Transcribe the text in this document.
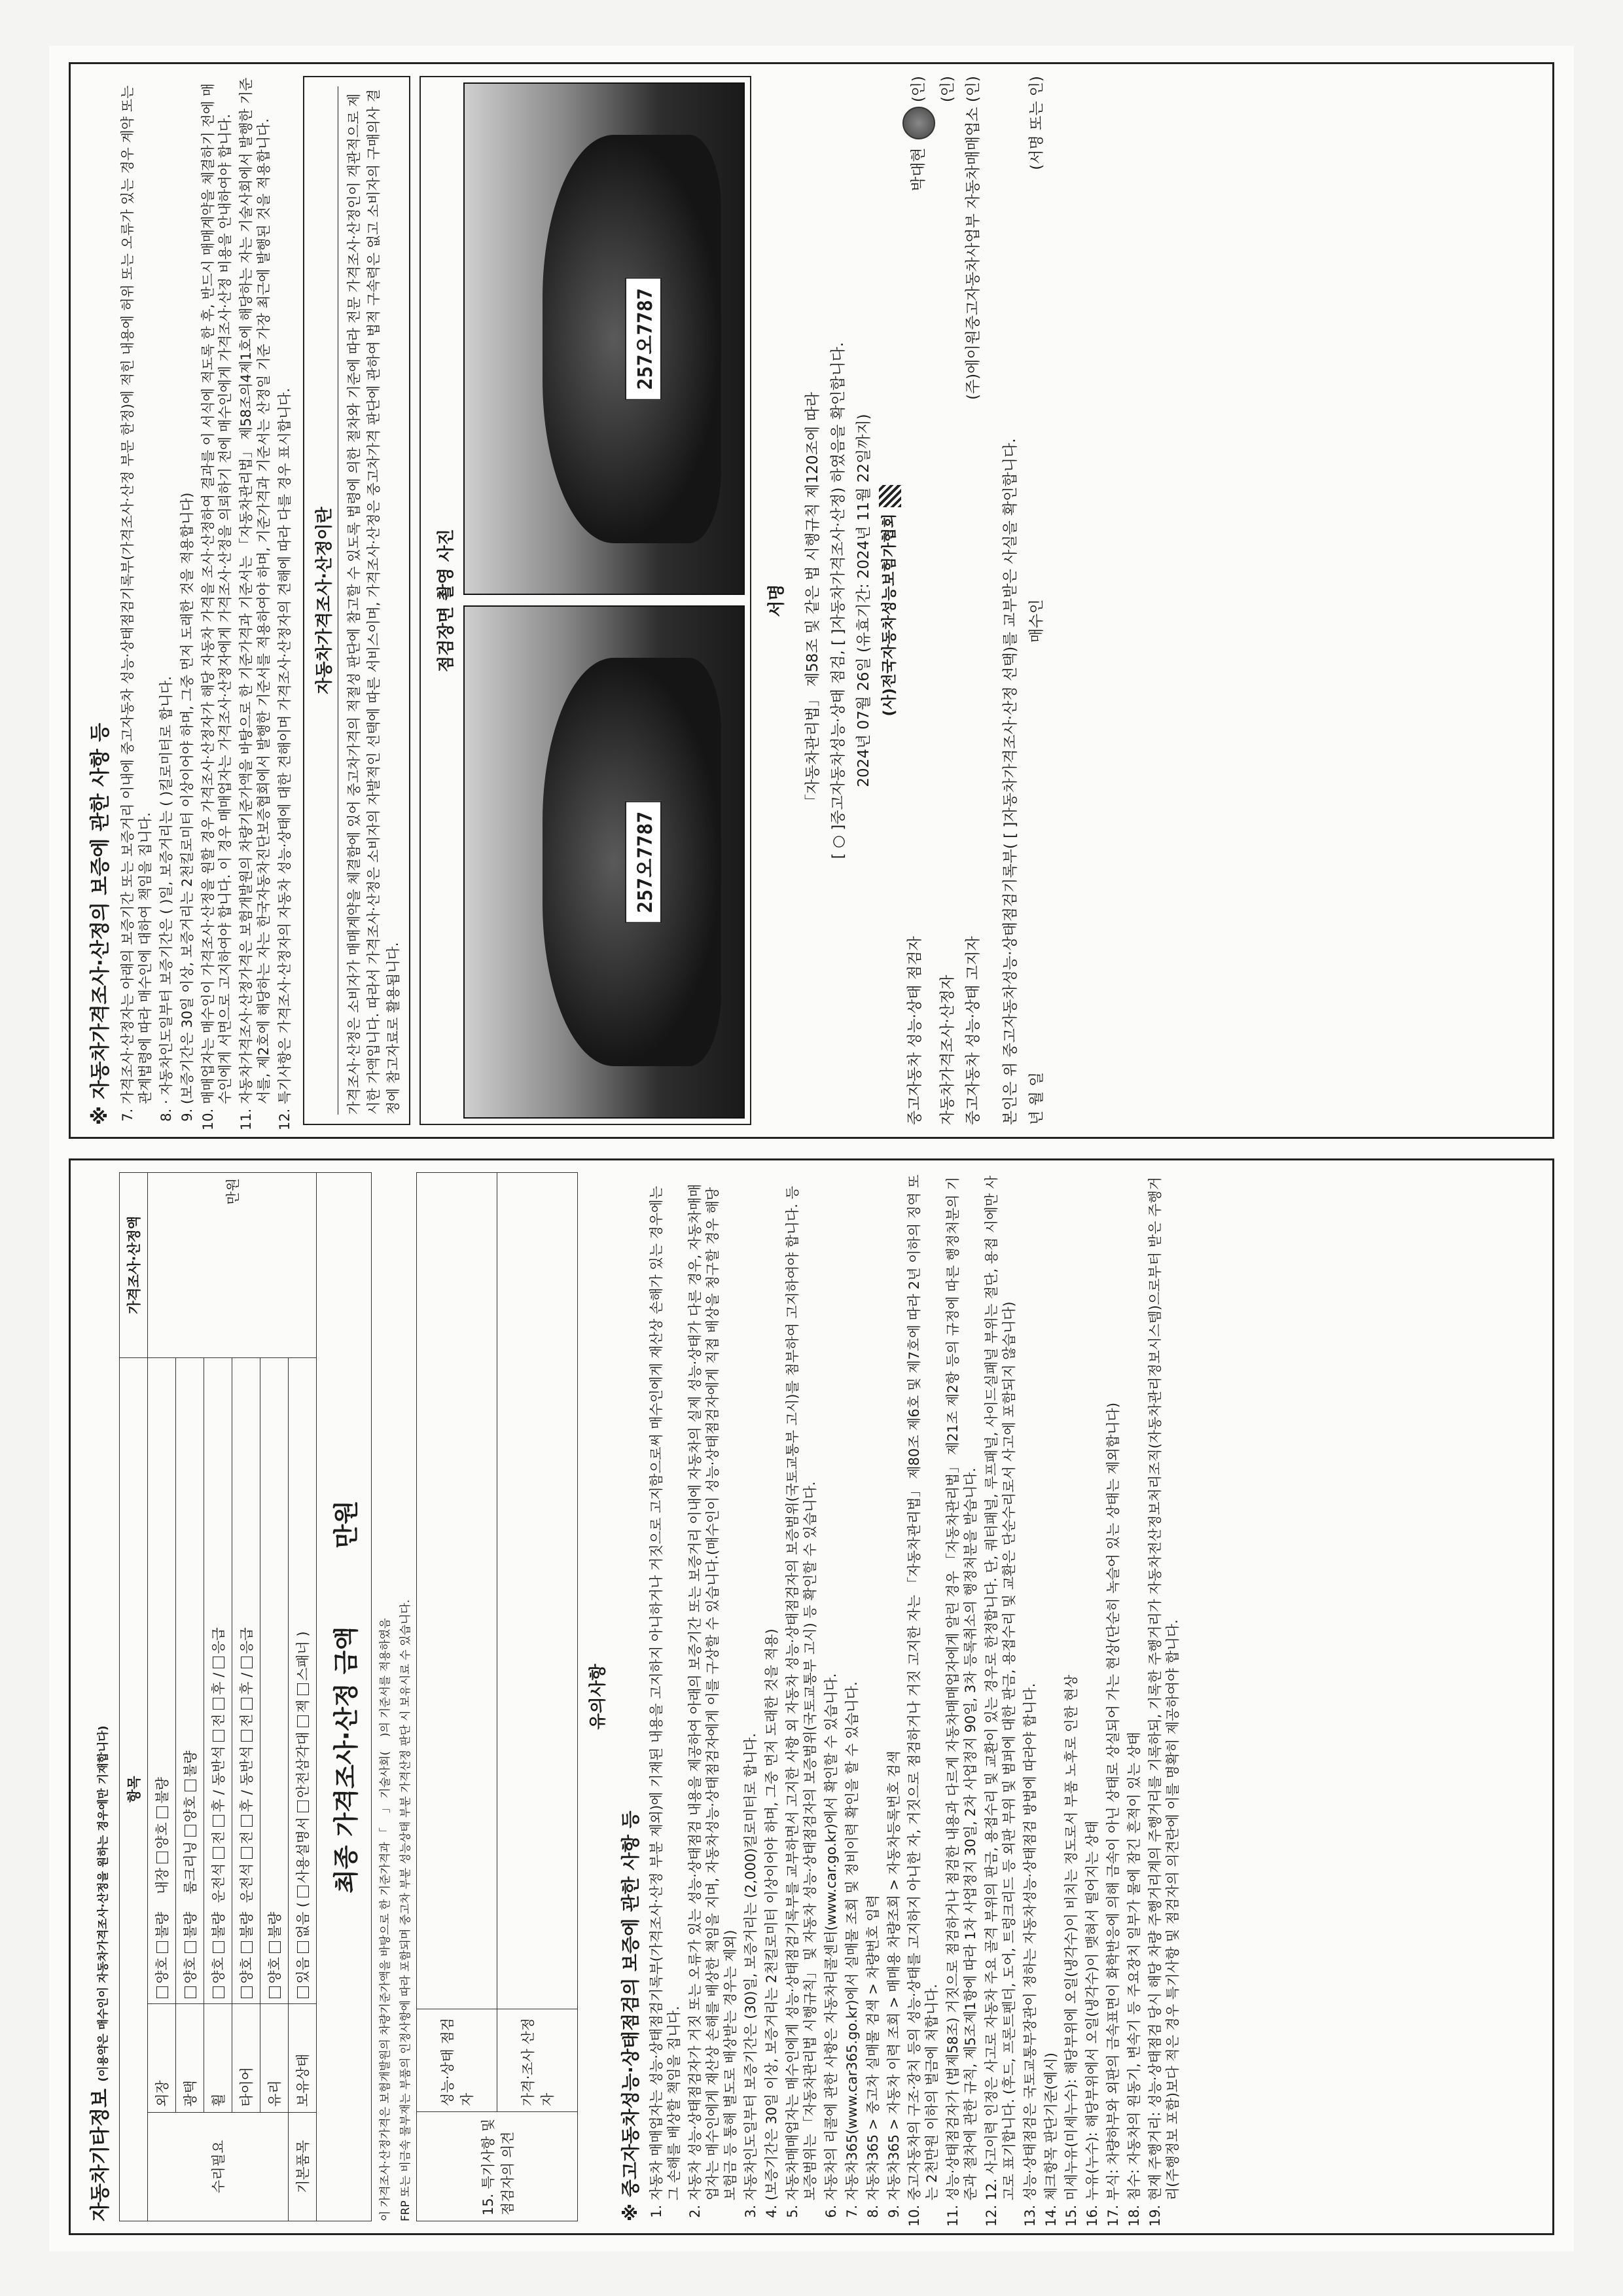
자동차기타정보 (이용약은 매수인이 자동차가격조사·산정을 원하는 경우에만 기재합니다) 항목			가격조사·산정액
수리필요	외장	양호 불량    내장 양호 불량	만원
	광택	양호 불량    룸크리닝 양호 불량	
	휠	양호 불량  운전석 전 후 / 동반석 전 후 / 응급	
	타이어	양호 불량  운전석 전 후 / 동반석 전 후 / 응급	
	유리	양호 불량	
기본품목	보유상태	있음 없음 ( 사용설명서 안전삼각대 잭 스패너 )	
최종 가격조사·산정 금액         만원			
이 가격조사·산정가격은 보험개발원의 차량기준가액을 바탕으로 한 기준가격과 「    」 기술사회(    )의 기준서를 적용하였음 FRP 또는 비금속 물부재는 부품의 인정사항에 따라 포함되며 중고차 부분 성능상태 부분 가격산정 판단 시 보유시료 수 있습니다.	15. 특기사항 및 점검자의 의견	성능·상태 점검자	
	가격·조사 산정자	
유의사항
※ 중고자동차성능·상태점검의 보증에 관한 사항 등 1. 자동차 매매업자는 성능·상태점검기록부(가격조사·산정 부분 제외)에 기재된 내용을 고지하지 아니하거나 거짓으로 고지함으로써 매수인에게 재산상 손해가 있는 경우에는 그 손해를 배상할 책임을 집니다. 2. 자동차 성능·상태점검자가 거짓 또는 오류가 있는 성능·상태점검 내용을 제공하여 아래의 보증기간 또는 보증거리 이내에 자동차의 실제 성능·상태가 다른 경우, 자동차매매업자는 매수인에게 재산상 손해를 배상한 책임을 지며, 자동차성능·상태점검자에게 이를 구상할 수 있습니다.(매수인이 성능·상태점검자에게 직접 배상을 청구할 경우 해당 보험금 등 통해 별도로 배상받는 경우는 제외) 3. 자동차인도일부터 보증기간은 (30)일, 보증거리는 (2,000)킬로미터로 합니다. 4. (보증기간은 30일 이상, 보증거리는 2천킬로미터 이상이어야 하며, 그중 먼저 도래한 것을 적용) 5. 자동차매매업자는 매수인에게 성능·상태점검기록부를 교부하면서 고지한 사항 외 자동차 성능·상태점검자의 보증범위(국토교통부 고시)를 첨부하여 고지하여야 합니다. 등 보증범위는 「자동차관리법 시행규칙」 및 자동차 성능·상태점검자의 보증범위(국토교통부 고시) 등 확인할 수 있습니다. 6. 자동차의 리콜에 관한 사항은 자동차리콜센터(www.car.go.kr)에서 확인할 수 있습니다. 7. 자동차365(www.car365.go.kr)에서 실매물 조회 및 정비이력 확인을 할 수 있습니다. 8. 자동차365 > 중고차 실매물 검색 > 차량번호 입력 9. 자동차365 > 자동차 이력 조회 > 매매용 차량조회 > 자동차등록번호 검색 10. 중고자동차의 구조·장치 등의 성능·상태를 고지하지 아니한 자, 거짓으로 점검하거나 거짓 고지한 자는 「자동차관리법」 제80조 제6호 및 제7호에 따라 2년 이하의 징역 또는 2천만원 이하의 벌금에 처합니다. 11. 성능·상태점검자가 (법제58조) 거짓으로 점검하거나 점검한 내용과 다르게 자동차매매업자에게 알린 경우 「자동차관리법」 제21조 제2항 등의 규정에 따른 행정처분의 기준과 절차에 관한 규칙, 제5조제1항에 따라 1차 사업정지 30일, 2차 사업정지 90일, 3차 등록취소의 행정처분을 받습니다. 12. 12. 사고이력 인정은 사고로 자동차 주요 골격 부위의 판금, 용접수리 및 교환이 있는 경우로 한정합니다. 단, 쿼터패널, 루프패널, 사이드실패널 부위는 절단, 용접 시에만 사고로 표기합니다. (후드, 프론트펜더, 도어, 트렁크리드 등 외판 부위 및 범퍼에 대한 판금, 용접수리 및 교환은 단순수리로서 사고에 포함되지 않습니다) 13. 성능·상태점검은 국토교통부장관이 정하는 자동차성능·상태점검 방법에 따라야 합니다. 14. 체크항목 판단기준(예시) 15. 미세누유(미세누수): 해당부위에 오일(냉각수)이 비치는 정도로서 부품 노후로 인한 현상 16. 누유(누수): 해당부위에서 오일(냉각수)이 맺혀서 떨어지는 상태 17. 부식: 차량하부와 외판의 금속표면이 화학반응에 의해 금속이 아닌 상태로 상실되어 가는 현상(단순히 녹슬어 있는 상태는 제외합니다) 18. 침수: 자동차의 원동기, 변속기 등 주요장치 일부가 물에 잠긴 흔적이 있는 상태 19. 현재 주행거리: 성능·상태점검 당시 해당 차량 주행거리계의 주행거리를 기록하되, 기록한 주행거리가 자동차전산정보처리조직(자동차관리정보시스템)으로부터 받은 주행거리(주행정보 포함)보다 적은 경우 특기사항 및 점검자의 의견란에 이를 명확히 제공하여야 합니다.
※ 자동차가격조사·산정의 보증에 관한 사항 등 7. 가격조사·산정자는 아래의 보증기간 또는 보증거리 이내에 중고자동차 성능·상태점검기록부(가격조사·산정 부문 한정)에 적힌 내용에 허위 또는 오류가 있는 경우 계약 또는 관계법령에 따라 매수인에 대하여 책임을 집니다. 8. · 자동차인도일부터 보증기간은 ( )일, 보증거리는 ( )킬로미터로 합니다. 9. (보증기간은 30일 이상, 보증거리는 2천킬로미터 이상이어야 하며, 그중 먼저 도래한 것을 적용합니다) 10. 매매업자는 매수인이 가격조사·산정을 원할 경우 가격조사·산정자가 해당 자동차 가격을 조사·산정하여 결과를 이 서식에 적도록 한 후, 반드시 매매계약을 체결하기 전에 매수인에게 서면으로 고지하여야 합니다. 이 경우 매매업자는 가격조사·산정자에게 가격조사·산정을 의뢰하기 전에 매수인에게 가격조사·산정 비용을 안내하여야 합니다. 11. 자동차가격조사·산정가격은 보험개발원의 차량기준가액을 바탕으로 한 기준가격과 기준서는 「자동차관리법」 제58조의4제1호에 해당하는 자는 기술사회에서 발행한 기준서를, 제2호에 해당하는 자는 한국자동차진단보증협회에서 발행한 기준서를 적용하여야 하며, 기준가격과 기준서는 산정일 기준 가장 최근에 발행된 것을 적용합니다. 12. 특기사항은 가격조사·산정자의 자동차 성능·상태에 대한 견해이며 가격조사·산정자의 견해에 따라 다를 경우 표시합니다. 자동차가격조사·산정이란 가격조사·산정은 소비자가 매매계약을 체결함에 있어 중고차가격의 적절성 판단에 참고할 수 있도록 법령에 의한 절차와 기준에 따라 전문 가격조사·산정인이 객관적으로 제시한 가액입니다. 따라서 가격조사·산정은 소비자의 자발적인 선택에 따른 서비스이며, 가격조사·산정은 중고차가격 판단에 관하여 법적 구속력은 없고 소비자의 구매의사 결정에 참고자료로 활용됩니다.
점검장면 촬영 사진
257오7787
257오7787
서명 「자동차관리법」 제58조 및 같은 법 시행규칙 제120조에 따라 [ ○ ]중고자동차성능·상태 점검, [ ]자동차가격조사·산정) 하였음을 확인합니다. 2024년 07월 26일 (유효기간: 2024년 11월 22일까지) (사)전국자동차성능보험가협회
중고자동차 성능·상태 점검자
박대현 (인)
자동차가격조사·산정자
(인)
중고자동차 성능·상태 고지자
(주)에이원중고자동차사업부 자동차매매업소 (인)
본인은 위 중고자동차성능·상태점검기록부( [ ]자동차가격조사·산정 선택)를 교부받은 사실을 확인합니다. 년 월 일
매수인
(서명 또는 인)
